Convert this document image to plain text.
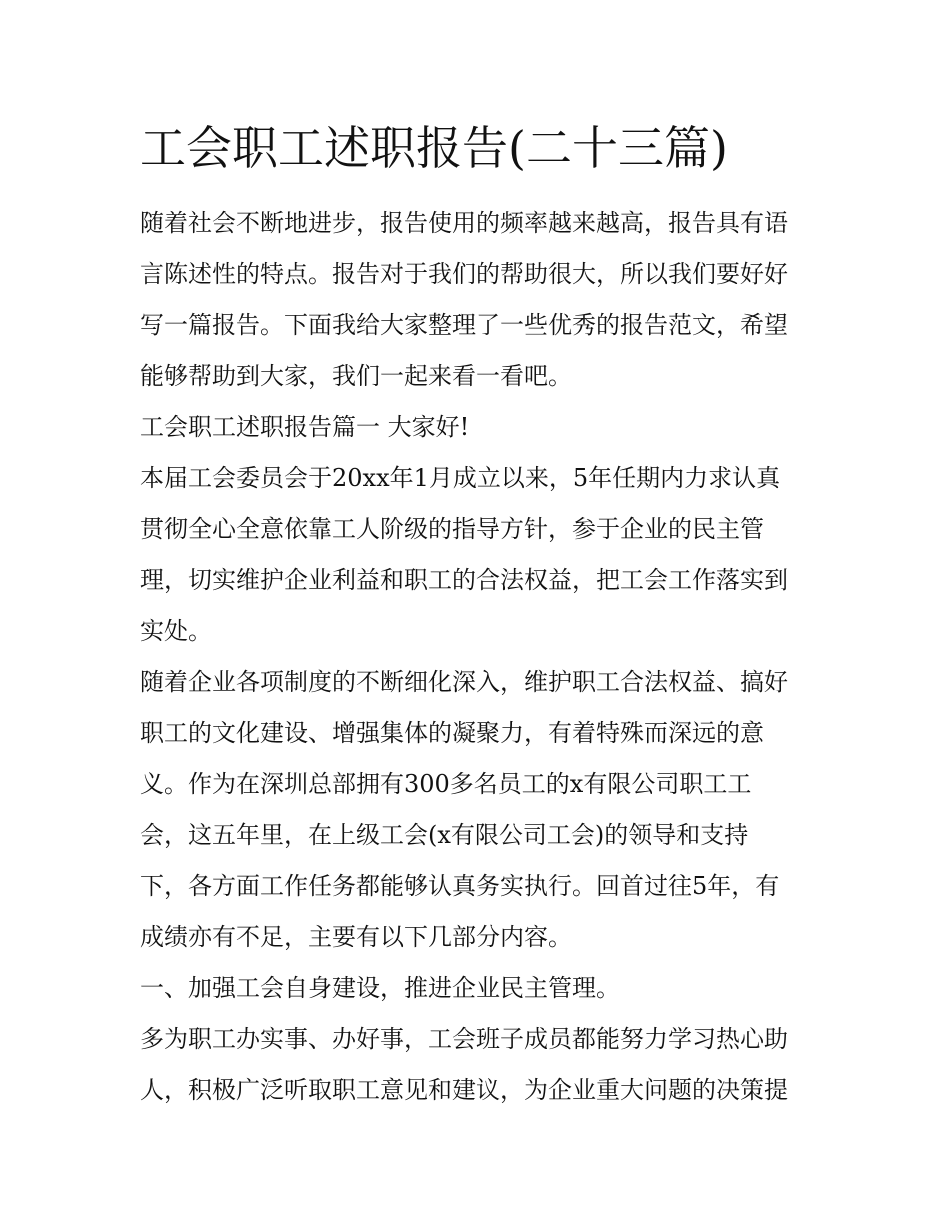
工会职工述职报告(二十三篇)
随着社会不断地进步，报告使用的频率越来越高，报告具有语
言陈述性的特点。报告对于我们的帮助很大，所以我们要好好
写一篇报告。下面我给大家整理了一些优秀的报告范文，希望
能够帮助到大家，我们一起来看一看吧。
工会职工述职报告篇一 大家好!
本届工会委员会于20xx年1月成立以来，5年任期内力求认真
贯彻全心全意依靠工人阶级的指导方针，参于企业的民主管
理，切实维护企业利益和职工的合法权益，把工会工作落实到
实处。
随着企业各项制度的不断细化深入，维护职工合法权益、搞好
职工的文化建设、增强集体的凝聚力，有着特殊而深远的意
义。作为在深圳总部拥有300多名员工的x有限公司职工工
会，这五年里，在上级工会(x有限公司工会)的领导和支持
下，各方面工作任务都能够认真务实执行。回首过往5年，有
成绩亦有不足，主要有以下几部分内容。
一、加强工会自身建设，推进企业民主管理。
多为职工办实事、办好事，工会班子成员都能努力学习热心助
人，积极广泛听取职工意见和建议，为企业重大问题的决策提
